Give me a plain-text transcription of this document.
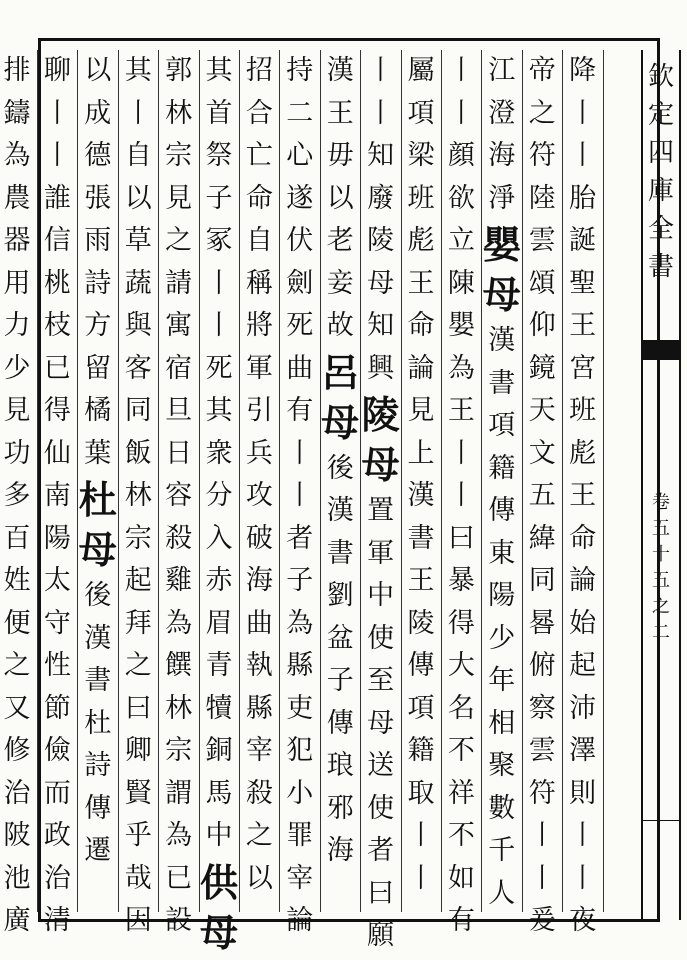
欽
定
四
庫
全
書
卷
五
十
五
之
二
降
丨
丨
胎
誕
聖
王
宮
班
彪
王
命
論
始
起
沛
澤
則
丨
丨
夜
帝
之
符
陸
雲
頌
仰
鏡
天
文
五
緯
同
晷
俯
察
雲
符
丨
丨
爰
江
澄
海
淨
嬰
母
漢
書
項
籍
傳
東
陽
少
年
相
聚
數
千
人
丨
丨
顔
欲
立
陳
嬰
為
王
丨
丨
曰
暴
得
大
名
不
祥
不
如
有
屬
項
梁
班
彪
王
命
論
見
上
漢
書
王
陵
傳
項
籍
取
丨
丨
丨
丨
知
廢
陵
母
知
興
陵
母
置
軍
中
使
至
母
送
使
者
曰
願
漢
王
毋
以
老
妾
故
呂
母
後
漢
書
劉
盆
子
傳
琅
邪
海
持
二
心
遂
伏
劍
死
曲
有
丨
丨
者
子
為
縣
吏
犯
小
罪
宰
論
招
合
亡
命
自
稱
將
軍
引
兵
攻
破
海
曲
執
縣
宰
殺
之
以
其
首
祭
子
冢
丨
丨
死
其
衆
分
入
赤
眉
青
犢
銅
馬
中
供
母
郭
林
宗
見
之
請
寓
宿
旦
日
容
殺
雞
為
饌
林
宗
謂
為
已
設
其
丨
自
以
草
蔬
與
客
同
飯
林
宗
起
拜
之
曰
卿
賢
乎
哉
因
以
成
德
張
雨
詩
方
留
橘
葉
杜
母
後
漢
書
杜
詩
傳
遷
聊
丨
丨
誰
信
桃
枝
已
得
仙
南
陽
太
守
性
節
儉
而
政
治
清
排
鑄
為
農
器
用
力
少
見
功
多
百
姓
便
之
又
修
治
陂
池
廣
